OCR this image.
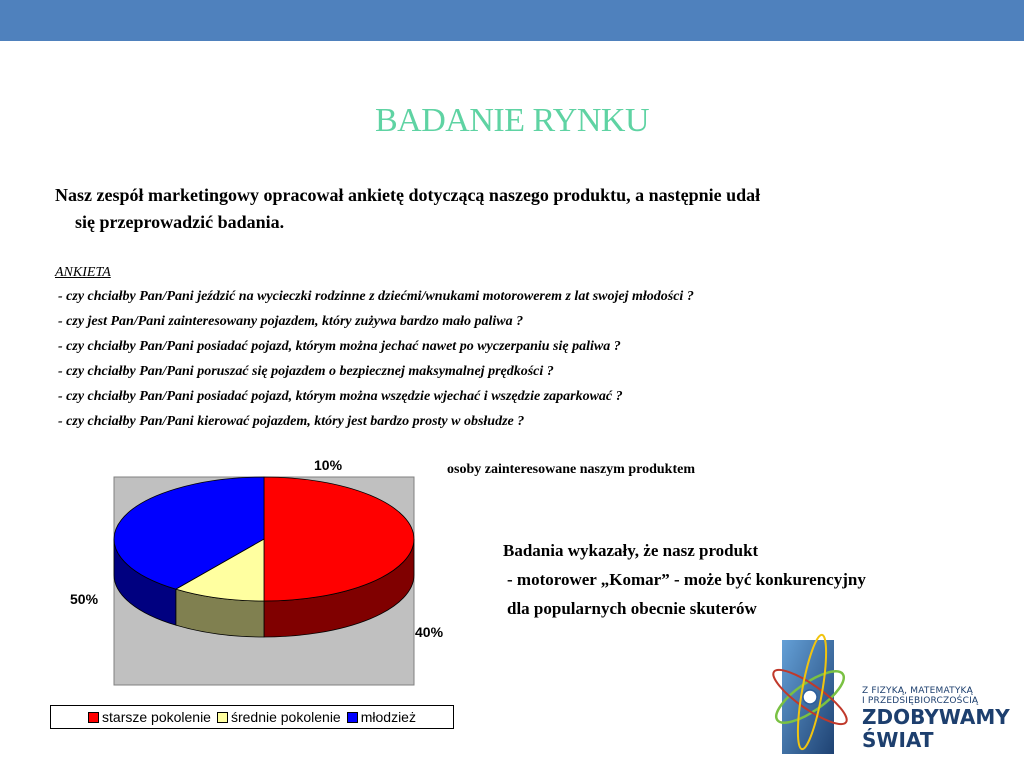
BADANIE RYNKU
Nasz zespół marketingowy opracował ankietę dotyczącą naszego produktu, a następnie udał
się przeprowadzić badania.
ANKIETA
- czy chciałby Pan/Pani jeździć na wycieczki rodzinne z dziećmi/wnukami motorowerem z lat swojej młodości ?
- czy jest Pan/Pani zainteresowany pojazdem, który zużywa bardzo mało paliwa ?
- czy chciałby Pan/Pani posiadać pojazd, którym można jechać nawet po wyczerpaniu się paliwa ?
- czy chciałby Pan/Pani poruszać się pojazdem o bezpiecznej maksymalnej prędkości ?
- czy chciałby Pan/Pani posiadać pojazd, którym można wszędzie wjechać i wszędzie zaparkować ?
- czy chciałby Pan/Pani kierować pojazdem, który jest bardzo prosty w obsłudze ?
50%
10%
40%
starsze pokolenie średnie pokolenie młodzież
osoby zainteresowane naszym produktem
Badania wykazały, że nasz produkt
- motorower „Komar” - może być konkurencyjny
dla popularnych obecnie skuterów
Z FIZYKĄ, MATEMATYKĄ
I PRZEDSIĘBIORCZOŚCIĄ
ZDOBYWAMY
ŚWIAT
